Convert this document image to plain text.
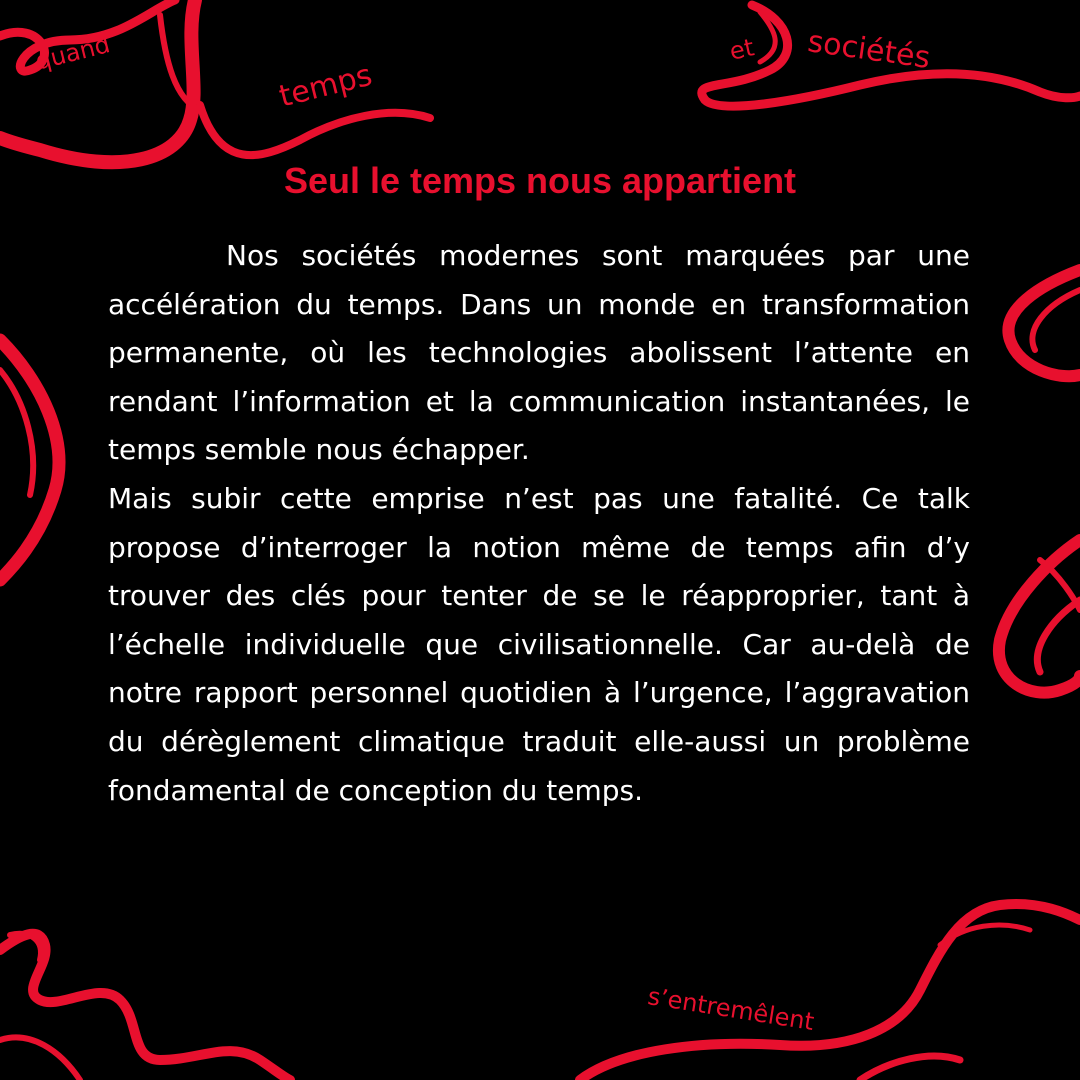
quand
temps
et sociétés
s’entremêlent
Seul le temps nous appartient

Nos sociétés modernes sont marquées par une accélération du temps. Dans un monde en transformation permanente, où les technologies abolissent l’attente en rendant l’information et la communication instantanées, le temps semble nous échapper.

Mais subir cette emprise n’est pas une fatalité. Ce talk propose d’interroger la notion même de temps afin d’y trouver des clés pour tenter de se le réapproprier, tant à l’échelle individuelle que civilisationnelle. Car au-delà de notre rapport personnel quotidien à l’urgence, l’aggravation du dérèglement climatique traduit elle-aussi un problème fondamental de conception du temps.
